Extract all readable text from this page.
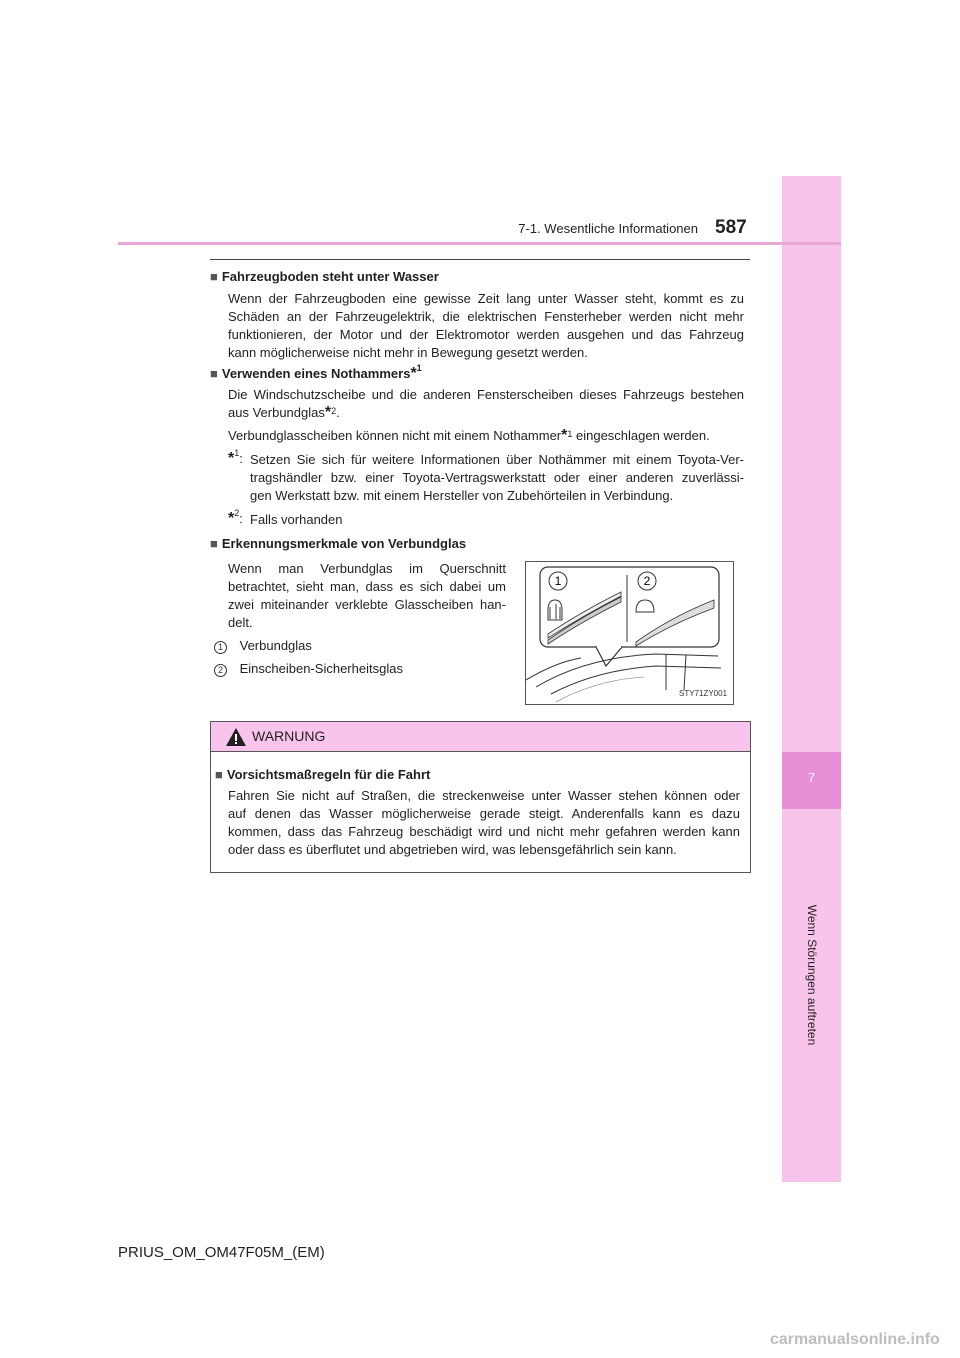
7
Wenn Störungen auftreten
7-1. Wesentliche Informationen 587
■ Fahrzeugboden steht unter Wasser
Wenn der Fahrzeugboden eine gewisse Zeit lang unter Wasser steht, kommt es zu
Schäden an der Fahrzeugelektrik, die elektrischen Fensterheber werden nicht mehr
funktionieren, der Motor und der Elektromotor werden ausgehen und das Fahrzeug
kann möglicherweise nicht mehr in Bewegung gesetzt werden.
■ Verwenden eines Nothammers*$^1$
Die Windschutzscheibe und die anderen Fensterscheiben dieses Fahrzeugs bestehen
aus Verbundglas*$^2$.
Verbundglasscheiben können nicht mit einem Nothammer*$^1$ eingeschlagen werden.
*$^1$: Setzen Sie sich für weitere Informationen über Nothämmer mit einem Toyota-Ver-
tragshändler bzw. einer Toyota-Vertragswerkstatt oder einer anderen zuverlässi-
gen Werkstatt bzw. mit einem Hersteller von Zubehörteilen in Verbindung.
*$^2$: Falls vorhanden
■ Erkennungsmerkmale von Verbundglas
Wenn man Verbundglas im Querschnitt
betrachtet, sieht man, dass es sich dabei um
zwei miteinander verklebte Glasscheiben han-
delt.
1 Verbundglas
2 Einscheiben-Sicherheitsglas
1	2
STY71ZY001
WARNUNG
■ Vorsichtsmaßregeln für die Fahrt
Fahren Sie nicht auf Straßen, die streckenweise unter Wasser stehen können oder
auf denen das Wasser möglicherweise gerade steigt. Anderenfalls kann es dazu
kommen, dass das Fahrzeug beschädigt wird und nicht mehr gefahren werden kann
oder dass es überflutet und abgetrieben wird, was lebensgefährlich sein kann.
PRIUS_OM_OM47F05M_(EM)
carmanualsonline.info
